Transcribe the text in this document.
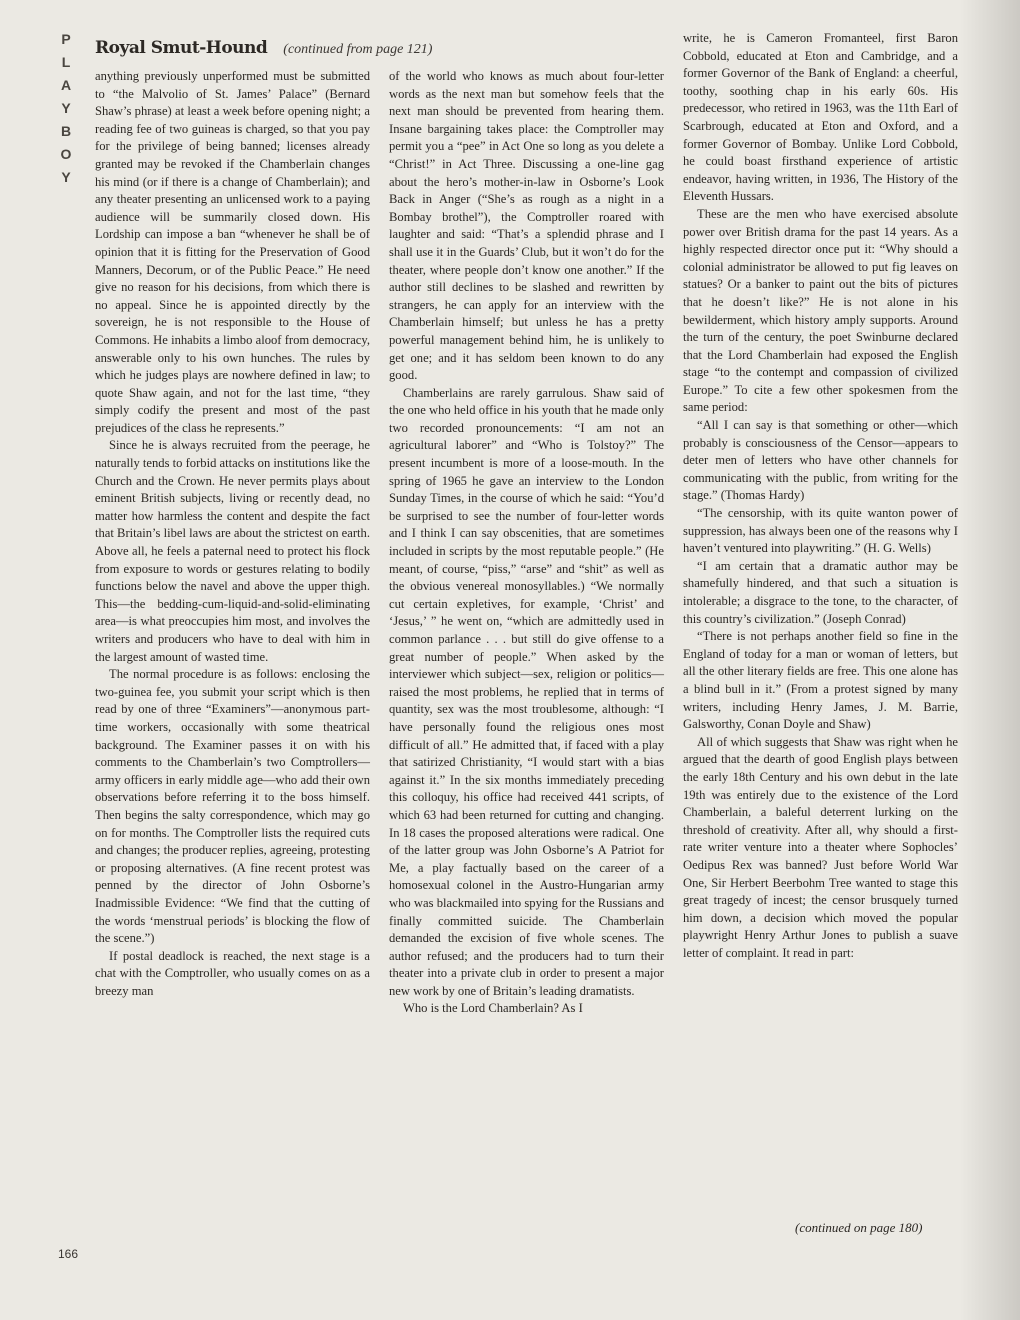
P
L
A
Y
B
O
Y
Royal Smut-Hound (continued from page 121)

anything previously unperformed must be submitted to “the Malvolio of St. James’ Palace” (Bernard Shaw’s phrase) at least a week before opening night; a reading fee of two guineas is charged, so that you pay for the privilege of being banned; licenses already granted may be revoked if the Chamberlain changes his mind (or if there is a change of Chamberlain); and any theater presenting an unlicensed work to a paying audience will be summarily closed down. His Lordship can impose a ban “whenever he shall be of opinion that it is fitting for the Preservation of Good Manners, Decorum, or of the Public Peace.” He need give no reason for his decisions, from which there is no appeal. Since he is appointed directly by the sovereign, he is not responsible to the House of Commons. He inhabits a limbo aloof from democracy, answerable only to his own hunches. The rules by which he judges plays are nowhere defined in law; to quote Shaw again, and not for the last time, “they simply codify the present and most of the past prejudices of the class he represents.”

Since he is always recruited from the peerage, he naturally tends to forbid attacks on institutions like the Church and the Crown. He never permits plays about eminent British subjects, living or recently dead, no matter how harmless the content and despite the fact that Britain’s libel laws are about the strictest on earth. Above all, he feels a paternal need to protect his flock from exposure to words or gestures relating to bodily functions below the navel and above the upper thigh. This—the bedding-cum-liquid-and-solid-eliminating area—is what preoccupies him most, and involves the writers and producers who have to deal with him in the largest amount of wasted time.

The normal procedure is as follows: enclosing the two-guinea fee, you submit your script which is then read by one of three “Examiners”—anonymous part-time workers, occasionally with some theatrical background. The Examiner passes it on with his comments to the Chamberlain’s two Comptrollers—army officers in early middle age—who add their own observations before referring it to the boss himself. Then begins the salty correspondence, which may go on for months. The Comptroller lists the required cuts and changes; the producer replies, agreeing, protesting or proposing alternatives. (A fine recent protest was penned by the director of John Osborne’s Inadmissible Evidence: “We find that the cutting of the words ‘menstrual periods’ is blocking the flow of the scene.”)

If postal deadlock is reached, the next stage is a chat with the Comptroller, who usually comes on as a breezy man

of the world who knows as much about four-letter words as the next man but somehow feels that the next man should be prevented from hearing them. Insane bargaining takes place: the Comptroller may permit you a “pee” in Act One so long as you delete a “Christ!” in Act Three. Discussing a one-line gag about the hero’s mother-in-law in Osborne’s Look Back in Anger (“She’s as rough as a night in a Bombay brothel”), the Comptroller roared with laughter and said: “That’s a splendid phrase and I shall use it in the Guards’ Club, but it won’t do for the theater, where people don’t know one another.” If the author still declines to be slashed and rewritten by strangers, he can apply for an interview with the Chamberlain himself; but unless he has a pretty powerful management behind him, he is unlikely to get one; and it has seldom been known to do any good.

Chamberlains are rarely garrulous. Shaw said of the one who held office in his youth that he made only two recorded pronouncements: “I am not an agricultural laborer” and “Who is Tolstoy?” The present incumbent is more of a loose-mouth. In the spring of 1965 he gave an interview to the London Sunday Times, in the course of which he said: “You’d be surprised to see the number of four-letter words and I think I can say obscenities, that are sometimes included in scripts by the most reputable people.” (He meant, of course, “piss,” “arse” and “shit” as well as the obvious venereal monosyllables.) “We normally cut certain expletives, for example, ‘Christ’ and ‘Jesus,’ ” he went on, “which are admittedly used in common parlance . . . but still do give offense to a great number of people.” When asked by the interviewer which subject—sex, religion or politics—raised the most problems, he replied that in terms of quantity, sex was the most troublesome, although: “I have personally found the religious ones most difficult of all.” He admitted that, if faced with a play that satirized Christianity, “I would start with a bias against it.” In the six months immediately preceding this colloquy, his office had received 441 scripts, of which 63 had been returned for cutting and changing. In 18 cases the proposed alterations were radical. One of the latter group was John Osborne’s A Patriot for Me, a play factually based on the career of a homosexual colonel in the Austro-Hungarian army who was blackmailed into spying for the Russians and finally committed suicide. The Chamberlain demanded the excision of five whole scenes. The author refused; and the producers had to turn their theater into a private club in order to present a major new work by one of Britain’s leading dramatists.

Who is the Lord Chamberlain? As I

write, he is Cameron Fromanteel, first Baron Cobbold, educated at Eton and Cambridge, and a former Governor of the Bank of England: a cheerful, toothy, soothing chap in his early 60s. His predecessor, who retired in 1963, was the 11th Earl of Scarbrough, educated at Eton and Oxford, and a former Governor of Bombay. Unlike Lord Cobbold, he could boast firsthand experience of artistic endeavor, having written, in 1936, The History of the Eleventh Hussars.

These are the men who have exercised absolute power over British drama for the past 14 years. As a highly respected director once put it: “Why should a colonial administrator be allowed to put fig leaves on statues? Or a banker to paint out the bits of pictures that he doesn’t like?” He is not alone in his bewilderment, which history amply supports. Around the turn of the century, the poet Swinburne declared that the Lord Chamberlain had exposed the English stage “to the contempt and compassion of civilized Europe.” To cite a few other spokesmen from the same period:

“All I can say is that something or other—which probably is consciousness of the Censor—appears to deter men of letters who have other channels for communicating with the public, from writing for the stage.” (Thomas Hardy)

“The censorship, with its quite wanton power of suppression, has always been one of the reasons why I haven’t ventured into playwriting.” (H. G. Wells)

“I am certain that a dramatic author may be shamefully hindered, and that such a situation is intolerable; a disgrace to the tone, to the character, of this country’s civilization.” (Joseph Conrad)

“There is not perhaps another field so fine in the England of today for a man or woman of letters, but all the other literary fields are free. This one alone has a blind bull in it.” (From a protest signed by many writers, including Henry James, J. M. Barrie, Galsworthy, Conan Doyle and Shaw)

All of which suggests that Shaw was right when he argued that the dearth of good English plays between the early 18th Century and his own debut in the late 19th was entirely due to the existence of the Lord Chamberlain, a baleful deterrent lurking on the threshold of creativity. After all, why should a first-rate writer venture into a theater where Sophocles’ Oedipus Rex was banned? Just before World War One, Sir Herbert Beerbohm Tree wanted to stage this great tragedy of incest; the censor brusquely turned him down, a decision which moved the popular playwright Henry Arthur Jones to publish a suave letter of complaint. It read in part:

166
(continued on page 180)
